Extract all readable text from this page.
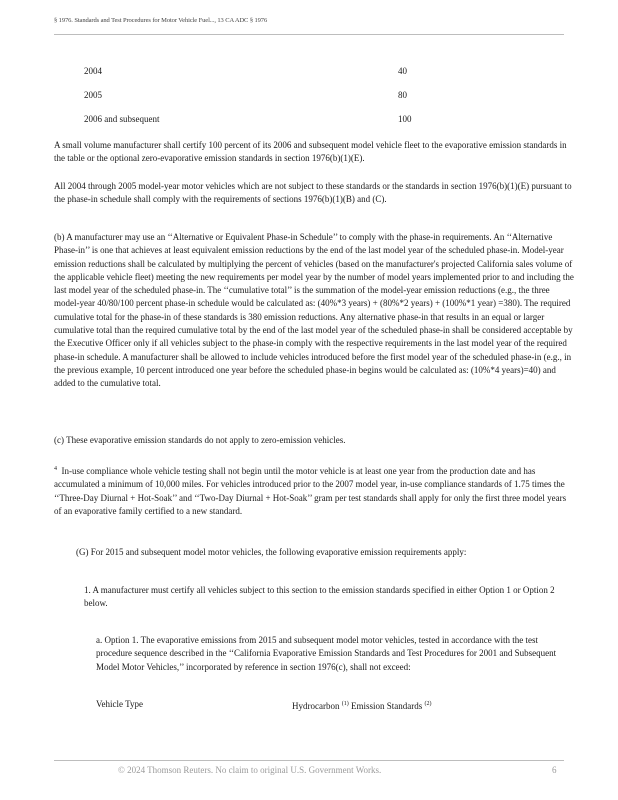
§ 1976. Standards and Test Procedures for Motor Vehicle Fuel..., 13 CA ADC § 1976
2004	40
2005	80
2006 and subsequent	100

A small volume manufacturer shall certify 100 percent of its 2006 and subsequent model vehicle fleet to the evaporative emission standards in the table or the optional zero-evaporative emission standards in section 1976(b)(1)(E).

All 2004 through 2005 model-year motor vehicles which are not subject to these standards or the standards in section 1976(b)(1)(E) pursuant to the phase-in schedule shall comply with the requirements of sections 1976(b)(1)(B) and (C).

(b) A manufacturer may use an ‘‘Alternative or Equivalent Phase-in Schedule’’ to comply with the phase-in requirements. An ‘‘Alternative Phase-in’’ is one that achieves at least equivalent emission reductions by the end of the last model year of the scheduled phase-in. Model-year emission reductions shall be calculated by multiplying the percent of vehicles (based on the manufacturer's projected California sales volume of the applicable vehicle fleet) meeting the new requirements per model year by the number of model years implemented prior to and including the last model year of the scheduled phase-in. The ‘‘cumulative total’’ is the summation of the model-year emission reductions (e.g., the three model-year 40/80/100 percent phase-in schedule would be calculated as: (40%*3 years) + (80%*2 years) + (100%*1 year) =380). The required cumulative total for the phase-in of these standards is 380 emission reductions. Any alternative phase-in that results in an equal or larger cumulative total than the required cumulative total by the end of the last model year of the scheduled phase-in shall be considered acceptable by the Executive Officer only if all vehicles subject to the phase-in comply with the respective requirements in the last model year of the required phase-in schedule. A manufacturer shall be allowed to include vehicles introduced before the first model year of the scheduled phase-in (e.g., in the previous example, 10 percent introduced one year before the scheduled phase-in begins would be calculated as: (10%*4 years)=40) and added to the cumulative total.

(c) These evaporative emission standards do not apply to zero-emission vehicles.

$^4$ In-use compliance whole vehicle testing shall not begin until the motor vehicle is at least one year from the production date and has accumulated a minimum of 10,000 miles. For vehicles introduced prior to the 2007 model year, in-use compliance standards of 1.75 times the ‘‘Three-Day Diurnal + Hot-Soak’’ and ‘‘Two-Day Diurnal + Hot-Soak’’ gram per test standards shall apply for only the first three model years of an evaporative family certified to a new standard.

(G) For 2015 and subsequent model motor vehicles, the following evaporative emission requirements apply:

1. A manufacturer must certify all vehicles subject to this section to the emission standards specified in either Option 1 or Option 2 below.

a. Option 1. The evaporative emissions from 2015 and subsequent model motor vehicles, tested in accordance with the test procedure sequence described in the ‘‘California Evaporative Emission Standards and Test Procedures for 2001 and Subsequent Model Motor Vehicles,’’ incorporated by reference in section 1976(c), shall not exceed:

Vehicle Type	Hydrocarbon $^{(1)}$ Emission Standards $^{(2)}$
© 2024 Thomson Reuters. No claim to original U.S. Government Works.	6
